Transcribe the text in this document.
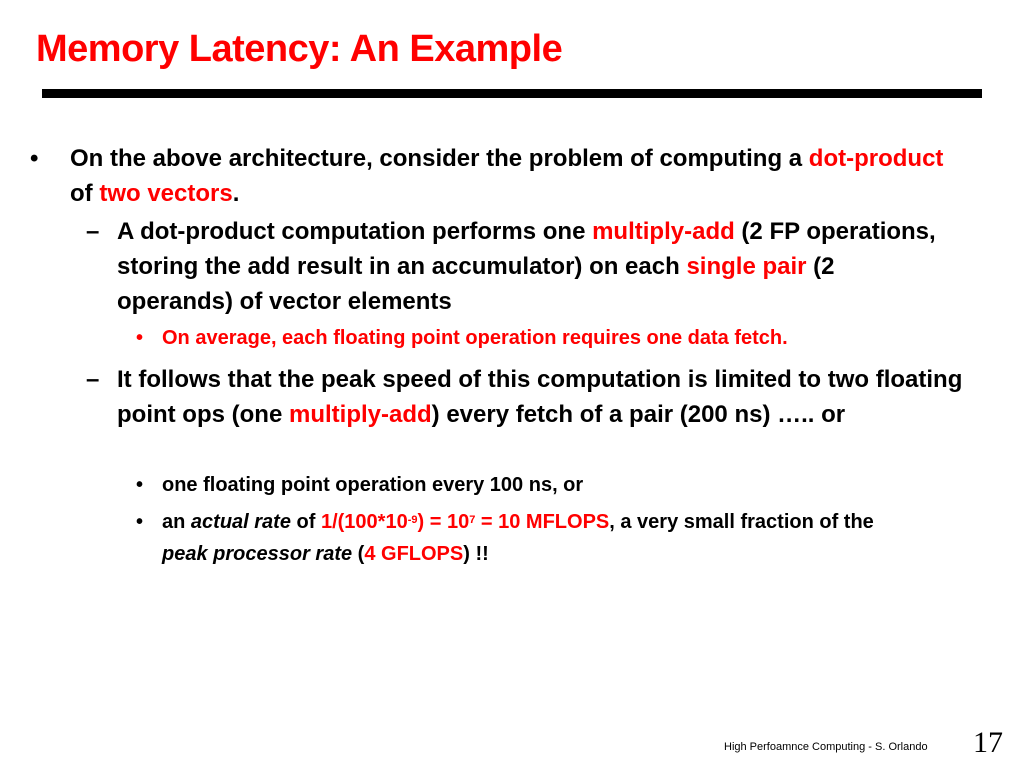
Memory Latency: An Example
• On the above architecture, consider the problem of computing a dot-product of two vectors.
– A dot-product computation performs one multiply-add (2 FP operations, storing the add result in an accumulator) on each single pair (2 operands) of vector elements
• On average, each floating point operation requires one data fetch.
– It follows that the peak speed of this computation is limited to two floating point ops (one multiply-add) every fetch of a pair (200 ns) ….. or
• one floating point operation every 100 ns, or
• an actual rate of $1/(100*10^{-9}) = 10^7 = 10$ MFLOPS, a very small fraction of the peak processor rate (4 GFLOPS) !!
High Perfoamnce Computing - S. Orlando 17
